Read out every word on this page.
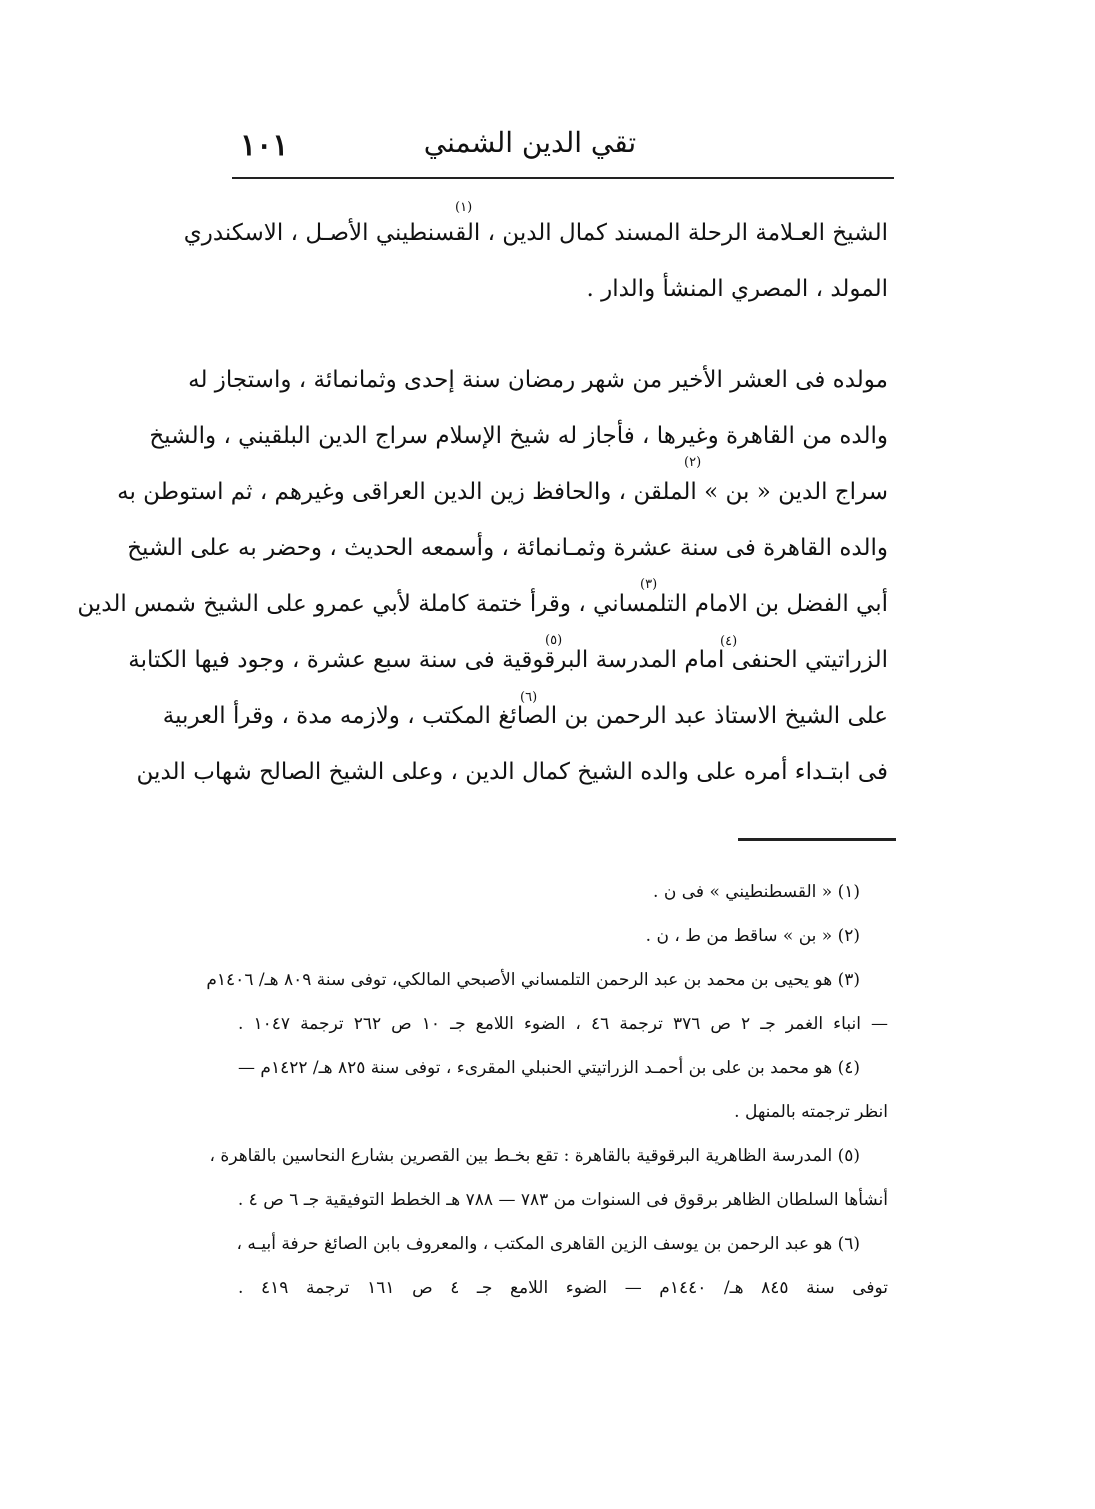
١٠١	تقي الدين الشمني
الشيخ العـلامة الرحلة المسند كمال الدين ، القسنطيني الأصـل ، الاسكندري
المولد ، المصري المنشأ والدار .
مولده فى العشر الأخير من شهر رمضان سنة إحدى وثمانمائة ، واستجاز له
والده من القاهرة وغيرها ، فأجاز له شيخ الإسلام سراج الدين البلقيني ، والشيخ
سراج الدين « بن » الملقن ، والحافظ زين الدين العراقى وغيرهم ، ثم استوطن به
والده القاهرة فى سنة عشرة وثمـانمائة ، وأسمعه الحديث ، وحضر به على الشيخ
أبي الفضل بن الامام التلمساني ، وقرأ ختمة كاملة لأبي عمرو على الشيخ شمس الدين
الزراتيتي الحنفى امام المدرسة البرقوقية فى سنة سبع عشرة ، وجود فيها الكتابة
على الشيخ الاستاذ عبد الرحمن بن الصائغ المكتب ، ولازمه مدة ، وقرأ العربية
فى ابتـداء أمره على والده الشيخ كمال الدين ، وعلى الشيخ الصالح شهاب الدين
(١)
(٢)
(٣)
(٤)
(٥)
(٦)
(١) « القسطنطيني » فى ن .
(٢) « بن » ساقط من ط ، ن .
(٣) هو يحيى بن محمد بن عبد الرحمن التلمساني الأصبحي المالكي، توفى سنة ٨٠٩ هـ/ ١٤٠٦م
— انباء الغمر جـ ٢ ص ٣٧٦ ترجمة ٤٦ ، الضوء اللامع جـ ١٠ ص ٢٦٢ ترجمة ١٠٤٧ .
(٤) هو محمد بن على بن أحمـد الزراتيتي الحنبلي المقرىء ، توفى سنة ٨٢٥ هـ/ ١٤٢٢م —
انظر ترجمته بالمنهل .
(٥) المدرسة الظاهرية البرقوقية بالقاهرة : تقع بخـط بين القصرين بشارع النحاسين بالقاهرة ،
أنشأها السلطان الظاهر برقوق فى السنوات من ٧٨٣ — ٧٨٨ هـ الخطط التوفيقية جـ ٦ ص ٤ .
(٦) هو عبد الرحمن بن يوسف الزين القاهرى المكتب ، والمعروف بابن الصائغ حرفة أبيـه ،
توفى سنة ٨٤٥ هـ/ ١٤٤٠م — الضوء اللامع جـ ٤ ص ١٦١ ترجمة ٤١٩ .
